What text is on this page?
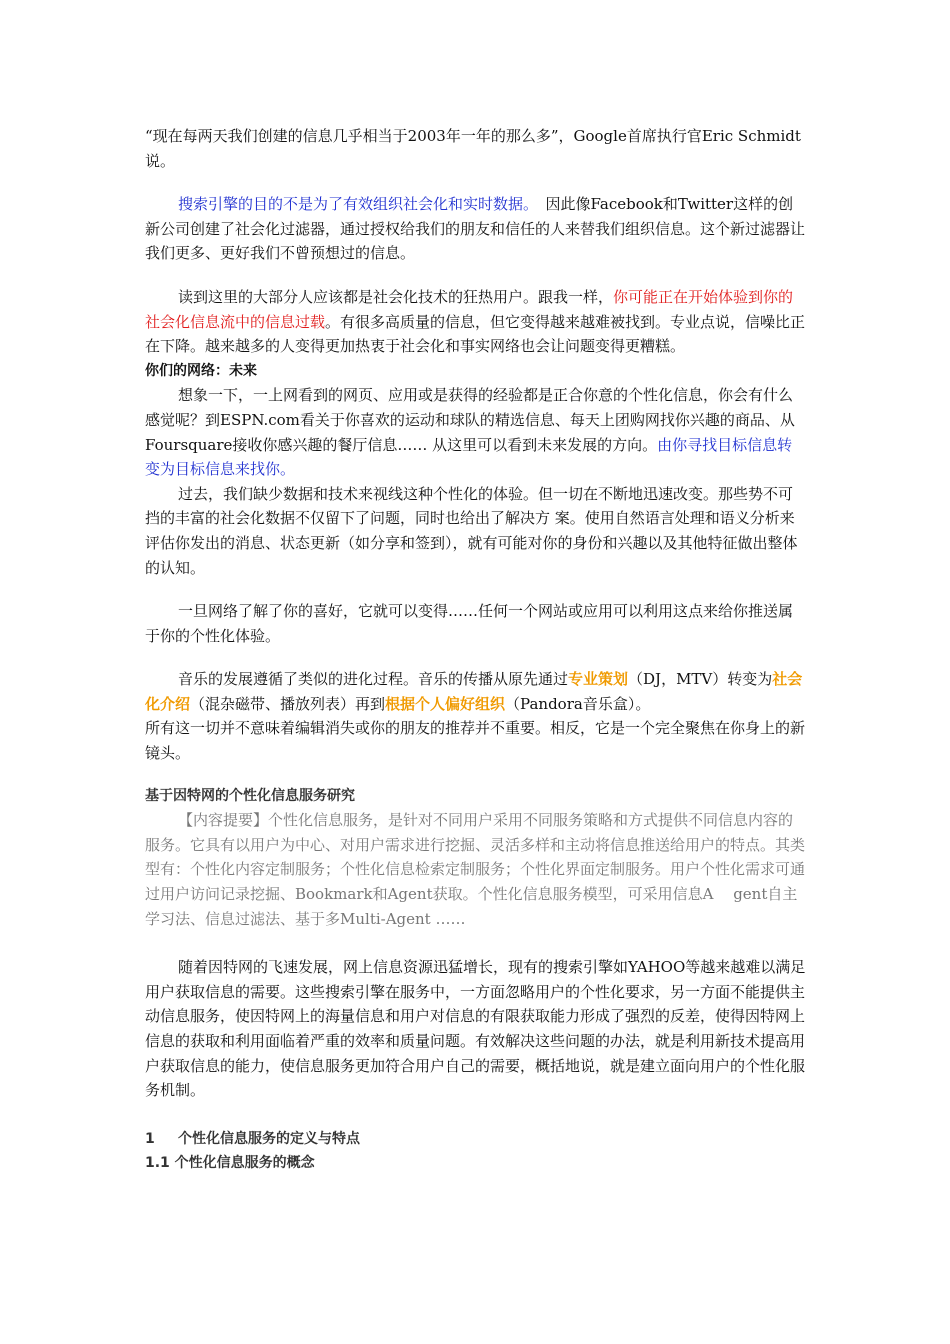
“现在每两天我们创建的信息几乎相当于2003年一年的那么多”，Google首席执行官Eric Schmidt说。

搜索引擎的目的不是为了有效组织社会化和实时数据。　因此像Facebook和Twitter这样的创新公司创建了社会化过滤器，通过授权给我们的朋友和信任的人来替我们组织信息。这个新过滤器让我们更多、更好我们不曾预想过的信息。

读到这里的大部分人应该都是社会化技术的狂热用户。跟我一样，你可能正在开始体验到你的社会化信息流中的信息过载。有很多高质量的信息，但它变得越来越难被找到。专业点说，信噪比正在下降。越来越多的人变得更加热衷于社会化和事实网络也会让问题变得更糟糕。

你们的网络：未来

想象一下，一上网看到的网页、应用或是获得的经验都是正合你意的个性化信息，你会有什么感觉呢？到ESPN.com看关于你喜欢的运动和球队的精选信息、每天上团购网找你兴趣的商品、从Foursquare接收你感兴趣的餐厅信息…… 从这里可以看到未来发展的方向。由你寻找目标信息转变为目标信息来找你。

过去，我们缺少数据和技术来视线这种个性化的体验。但一切在不断地迅速改变。那些势不可挡的丰富的社会化数据不仅留下了问题，同时也给出了解决方 案。使用自然语言处理和语义分析来评估你发出的消息、状态更新（如分享和签到），就有可能对你的身份和兴趣以及其他特征做出整体的认知。

一旦网络了解了你的喜好，它就可以变得……任何一个网站或应用可以利用这点来给你推送属于你的个性化体验。

音乐的发展遵循了类似的进化过程。音乐的传播从原先通过专业策划（DJ，MTV）转变为社会化介绍（混杂磁带、播放列表）再到根据个人偏好组织（Pandora音乐盒）。

所有这一切并不意味着编辑消失或你的朋友的推荐并不重要。相反，它是一个完全聚焦在你身上的新镜头。

基于因特网的个性化信息服务研究

【内容提要】个性化信息服务，是针对不同用户采用不同服务策略和方式提供不同信息内容的服务。它具有以用户为中心、对用户需求进行挖掘、灵活多样和主动将信息推送给用户的特点。其类型有：个性化内容定制服务；个性化信息检索定制服务；个性化界面定制服务。用户个性化需求可通过用户访问记录挖掘、Bookmark和Agent获取。个性化信息服务模型，可采用信息A　 gent自主学习法、信息过滤法、基于多Multi-Agent ……

随着因特网的飞速发展，网上信息资源迅猛增长，现有的搜索引擎如YAHOO等越来越难以满足用户获取信息的需要。这些搜索引擎在服务中，一方面忽略用户的个性化要求，另一方面不能提供主动信息服务，使因特网上的海量信息和用户对信息的有限获取能力形成了强烈的反差，使得因特网上信息的获取和利用面临着严重的效率和质量问题。有效解决这些问题的办法，就是利用新技术提高用户获取信息的能力，使信息服务更加符合用户自己的需要，概括地说，就是建立面向用户的个性化服务机制。

1 个性化信息服务的定义与特点

1.1 个性化信息服务的概念
